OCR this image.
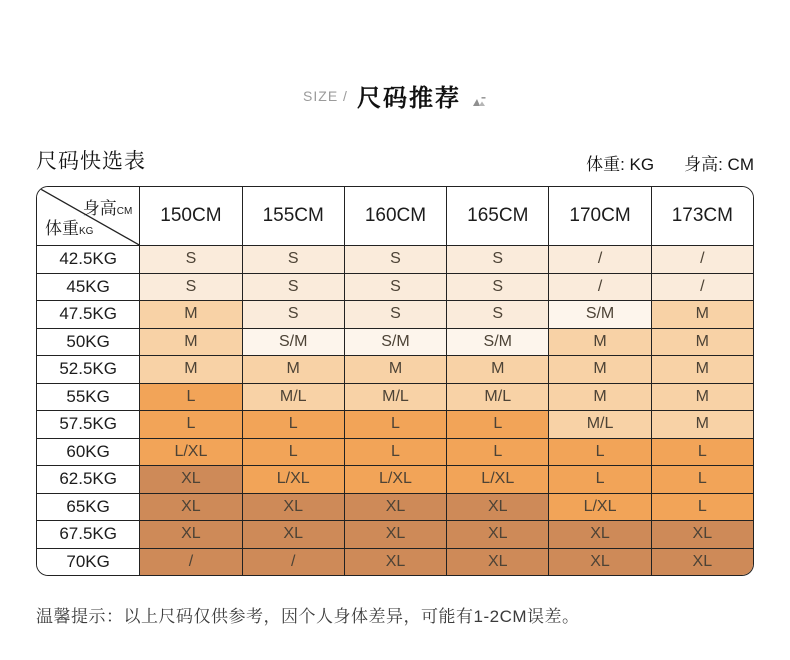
SIZE / 尺码推荐
尺码快选表	体重: KG 身高: CM
身高CM
体重KG	150CM	155CM	160CM	165CM	170CM	173CM
42.5KG	S	S	S	S	/	/
45KG	S	S	S	S	/	/
47.5KG	M	S	S	S	S/M	M
50KG	M	S/M	S/M	S/M	M	M
52.5KG	M	M	M	M	M	M
55KG	L	M/L	M/L	M/L	M	M
57.5KG	L	L	L	L	M/L	M
60KG	L/XL	L	L	L	L	L
62.5KG	XL	L/XL	L/XL	L/XL	L	L
65KG	XL	XL	XL	XL	L/XL	L
67.5KG	XL	XL	XL	XL	XL	XL
70KG	/	/	XL	XL	XL	XL
温馨提示：以上尺码仅供参考，因个人身体差异，可能有1-2CM误差。
